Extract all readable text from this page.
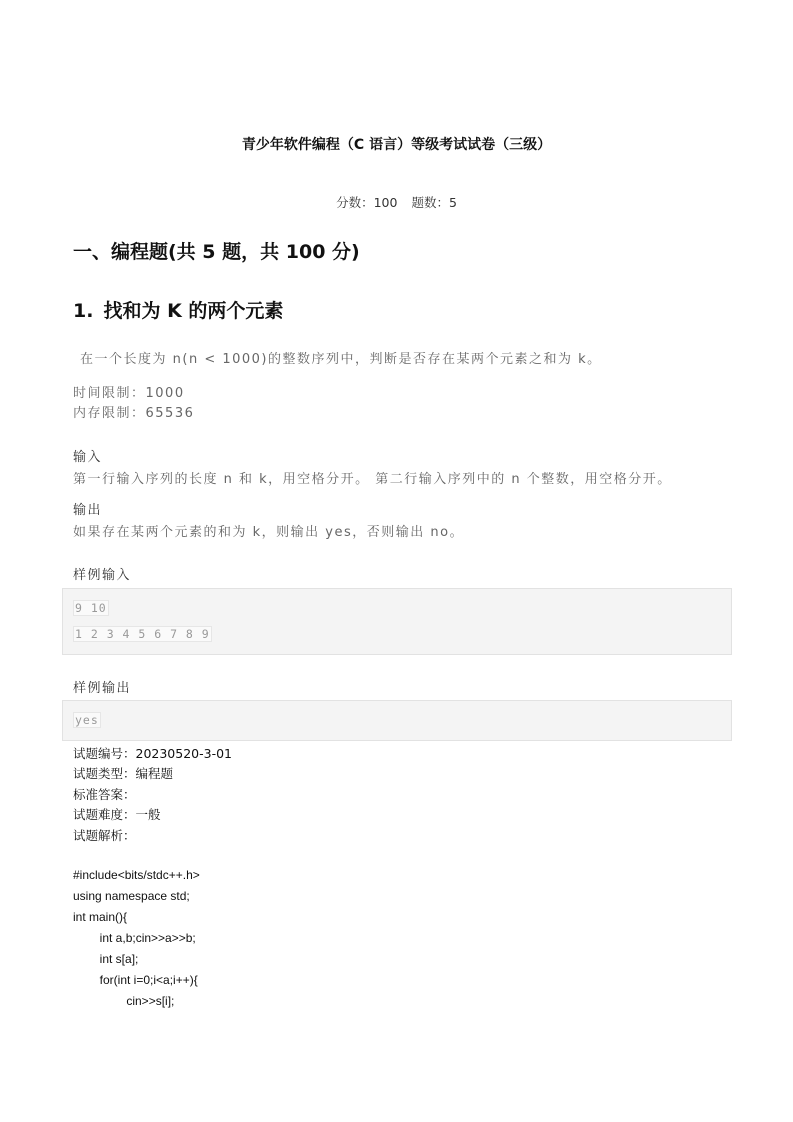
青少年软件编程（C 语言）等级考试试卷（三级）
分数：100 题数：5
一、编程题(共 5 题，共 100 分)
1. 找和为 K 的两个元素
在一个长度为 n(n < 1000)的整数序列中，判断是否存在某两个元素之和为 k。
时间限制：1000
内存限制：65536
输入
第一行输入序列的长度 n 和 k，用空格分开。 第二行输入序列中的 n 个整数，用空格分开。
输出
如果存在某两个元素的和为 k，则输出 yes，否则输出 no。
样例输入
9 10
1 2 3 4 5 6 7 8 9
样例输出
yes
试题编号：20230520-3-01
试题类型：编程题
标准答案：
试题难度：一般
试题解析：
#include<bits/stdc++.h>
using namespace std;
int main(){
int a,b;cin>>a>>b;
int s[a];
for(int i=0;i<a;i++){
cin>>s[i];
